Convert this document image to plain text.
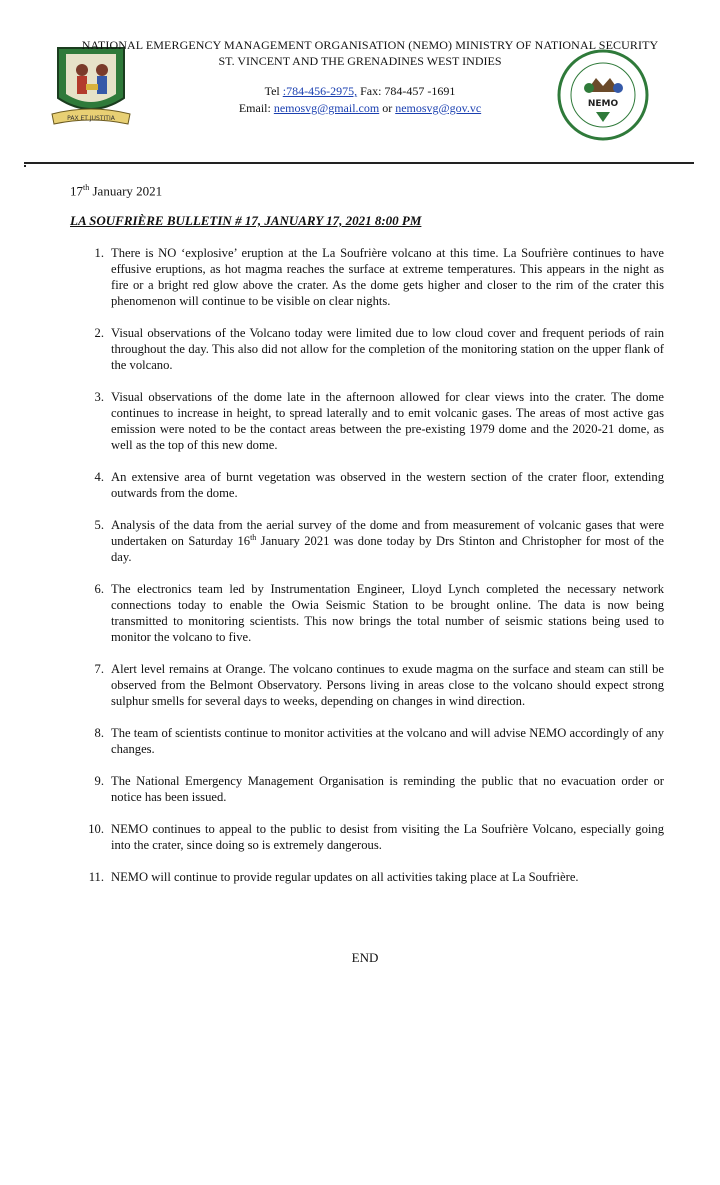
PAX ET JUSTITIA
NEMO
NATIONAL EMERGENCY MANAGEMENT ORGANISATION (NEMO) MINISTRY OF NATIONAL SECURITY
ST. VINCENT AND THE GRENADINES WEST INDIES
Tel :784-456-2975, Fax: 784-457 -1691
Email: nemosvg@gmail.com or nemosvg@gov.vc
17th January 2021
LA SOUFRIÈRE BULLETIN # 17, JANUARY 17, 2021 8:00 PM
1. There is NO ‘explosive’ eruption at the La Soufrière volcano at this time. La Soufrière continues to have effusive eruptions, as hot magma reaches the surface at extreme temperatures. This appears in the night as fire or a bright red glow above the crater. As the dome gets higher and closer to the rim of the crater this phenomenon will continue to be visible on clear nights.
2. Visual observations of the Volcano today were limited due to low cloud cover and frequent periods of rain throughout the day. This also did not allow for the completion of the monitoring station on the upper flank of the volcano.
3. Visual observations of the dome late in the afternoon allowed for clear views into the crater. The dome continues to increase in height, to spread laterally and to emit volcanic gases. The areas of most active gas emission were noted to be the contact areas between the pre-existing 1979 dome and the 2020-21 dome, as well as the top of this new dome.
4. An extensive area of burnt vegetation was observed in the western section of the crater floor, extending outwards from the dome.
5. Analysis of the data from the aerial survey of the dome and from measurement of volcanic gases that were undertaken on Saturday 16th January 2021 was done today by Drs Stinton and Christopher for most of the day.
6. The electronics team led by Instrumentation Engineer, Lloyd Lynch completed the necessary network connections today to enable the Owia Seismic Station to be brought online. The data is now being transmitted to monitoring scientists. This now brings the total number of seismic stations being used to monitor the volcano to five.
7. Alert level remains at Orange. The volcano continues to exude magma on the surface and steam can still be observed from the Belmont Observatory. Persons living in areas close to the volcano should expect strong sulphur smells for several days to weeks, depending on changes in wind direction.
8. The team of scientists continue to monitor activities at the volcano and will advise NEMO accordingly of any changes.
9. The National Emergency Management Organisation is reminding the public that no evacuation order or notice has been issued.
10. NEMO continues to appeal to the public to desist from visiting the La Soufrière Volcano, especially going into the crater, since doing so is extremely dangerous.
11. NEMO will continue to provide regular updates on all activities taking place at La Soufrière.
END
